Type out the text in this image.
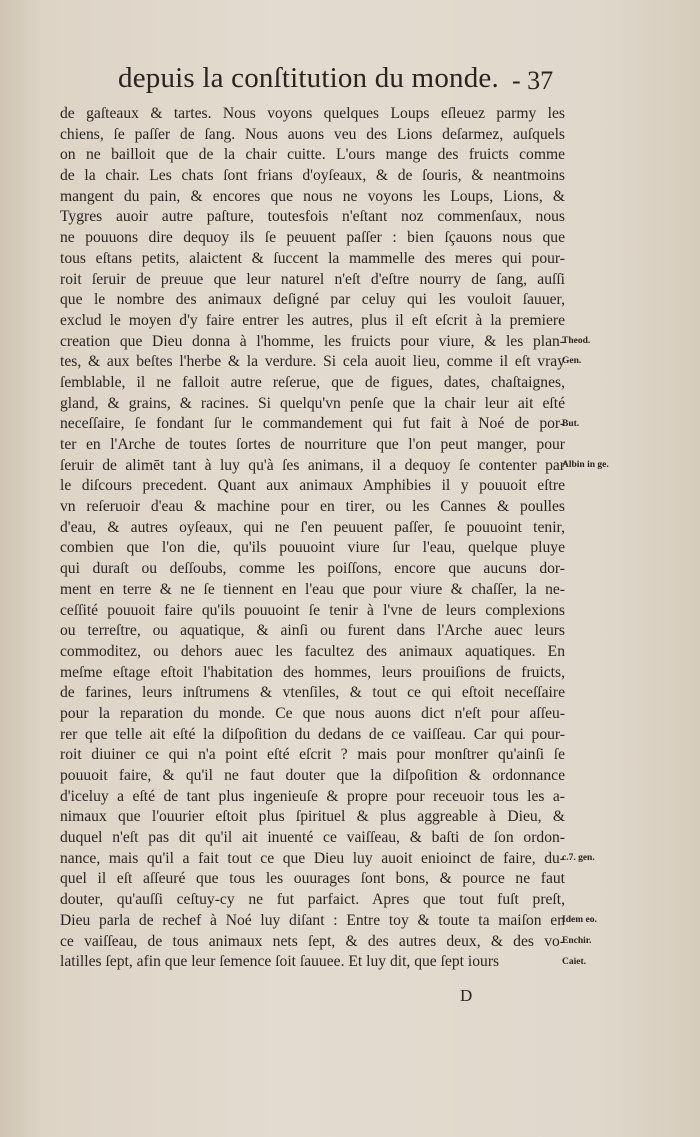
depuis la conſtitution du monde. - 37
de gaſteaux & tartes. Nous voyons quelques Loups eſleuez parmy les
chiens, ſe paſſer de ſang. Nous auons veu des Lions deſarmez, auſquels
on ne bailloit que de la chair cuitte. L'ours mange des fruicts comme
de la chair. Les chats ſont frians d'oyſeaux, & de ſouris, & neantmoins
mangent du pain, & encores que nous ne voyons les Loups, Lions, &
Tygres auoir autre paſture, toutesfois n'eſtant noz commenſaux, nous
ne pouuons dire dequoy ils ſe peuuent paſſer : bien ſçauons nous que
tous eſtans petits, alaictent & ſuccent la mammelle des meres qui pour-
roit ſeruir de preuue que leur naturel n'eſt d'eſtre nourry de ſang, auſſi
que le nombre des animaux deſigné par celuy qui les vouloit ſauuer,
exclud le moyen d'y faire entrer les autres, plus il eſt eſcrit à la premiere
creation que Dieu donna à l'homme, les fruicts pour viure, & les plan-
tes, & aux beſtes l'herbe & la verdure. Si cela auoit lieu, comme il eſt vray
ſemblable, il ne falloit autre reſerue, que de figues, dates, chaſtaignes,
gland, & grains, & racines. Si quelqu'vn penſe que la chair leur ait eſté
neceſſaire, ſe fondant ſur le commandement qui fut fait à Noé de por-
ter en l'Arche de toutes ſortes de nourriture que l'on peut manger, pour
ſeruir de alimēt tant à luy qu'à ſes animans, il a dequoy ſe contenter par
le diſcours precedent. Quant aux animaux Amphibies il y pouuoit eſtre
vn reſeruoir d'eau & machine pour en tirer, ou les Cannes & poulles
d'eau, & autres oyſeaux, qui ne ſ'en peuuent paſſer, ſe pouuoint tenir,
combien que l'on die, qu'ils pouuoint viure ſur l'eau, quelque pluye
qui duraſt ou deſſoubs, comme les poiſſons, encore que aucuns dor-
ment en terre & ne ſe tiennent en l'eau que pour viure & chaſſer, la ne-
ceſſité pouuoit faire qu'ils pouuoint ſe tenir à l'vne de leurs complexions
ou terreſtre, ou aquatique, & ainſi ou furent dans l'Arche auec leurs
commoditez, ou dehors auec les facultez des animaux aquatiques. En
meſme eſtage eſtoit l'habitation des hommes, leurs prouiſions de fruicts,
de farines, leurs inſtrumens & vtenſiles, & tout ce qui eſtoit neceſſaire
pour la reparation du monde. Ce que nous auons dict n'eſt pour aſſeu-
rer que telle ait eſté la diſpoſition du dedans de ce vaiſſeau. Car qui pour-
roit diuiner ce qui n'a point eſté eſcrit ? mais pour monſtrer qu'ainſi ſe
pouuoit faire, & qu'il ne faut douter que la diſpoſition & ordonnance
d'iceluy a eſté de tant plus ingenieuſe & propre pour receuoir tous les a-
nimaux que l'ouurier eſtoit plus ſpirituel & plus aggreable à Dieu, &
duquel n'eſt pas dit qu'il ait inuenté ce vaiſſeau, & baſti de ſon ordon-
nance, mais qu'il a fait tout ce que Dieu luy auoit enioinct de faire, du-
quel il eſt aſſeuré que tous les ouurages ſont bons, & pource ne faut
douter, qu'auſſi ceſtuy-cy ne fut parfaict. Apres que tout fuſt preſt,
Dieu parla de rechef à Noé luy diſant : Entre toy & toute ta maiſon en
ce vaiſſeau, de tous animaux nets ſept, & des autres deux, & des vo-
latilles ſept, afin que leur ſemence ſoit ſauuee. Et luy dit, que ſept iours
Theod.
Gen.
But.
Albin in ge.
c.7. gen.
Idem eo.
Enchir.
Caiet.
D
